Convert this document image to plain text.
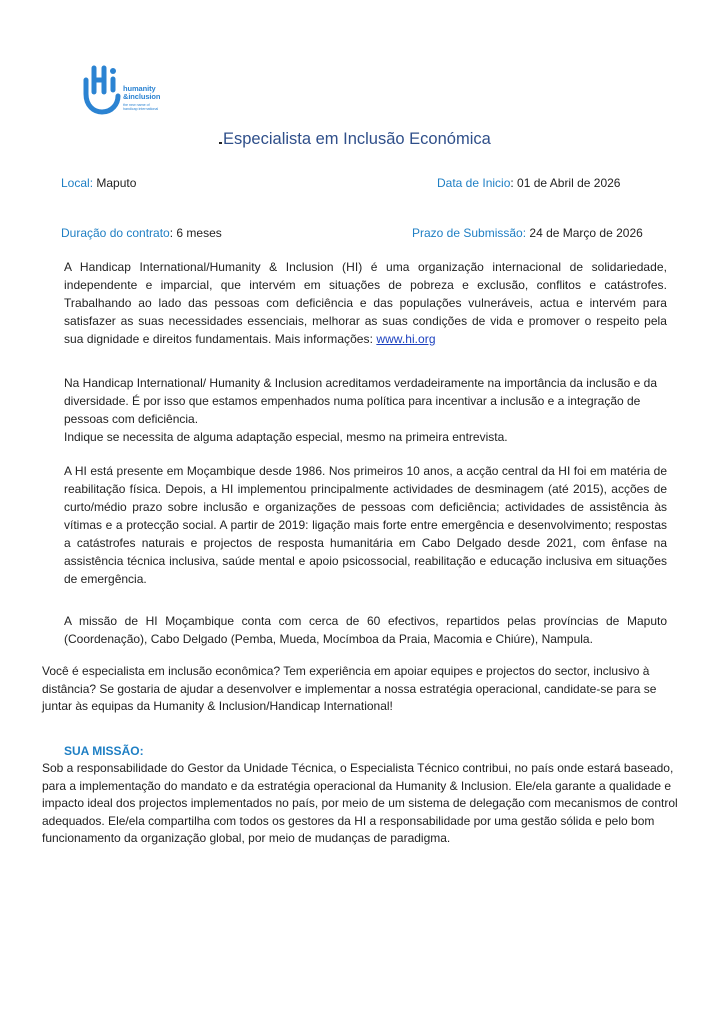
humanity
&inclusion
the new name of
handicap international
Especialista em Inclusão Económica
Local: Maputo	Data de Inicio: 01 de Abril de 2026
Duração do contrato: 6 meses	Prazo de Submissão: 24 de Março de 2026
A Handicap International/Humanity & Inclusion (HI) é uma organização internacional de solidariedade, independente e imparcial, que intervém em situações de pobreza e exclusão, conflitos e catástrofes. Trabalhando ao lado das pessoas com deficiência e das populações vulneráveis, actua e intervém para satisfazer as suas necessidades essenciais, melhorar as suas condições de vida e promover o respeito pela sua dignidade e direitos fundamentais. Mais informações: www.hi.org
Na Handicap International/ Humanity & Inclusion acreditamos verdadeiramente na importância da inclusão e da diversidade. É por isso que estamos empenhados numa política para incentivar a inclusão e a integração de pessoas com deficiência.
Indique se necessita de alguma adaptação especial, mesmo na primeira entrevista.
A HI está presente em Moçambique desde 1986. Nos primeiros 10 anos, a acção central da HI foi em matéria de reabilitação física. Depois, a HI implementou principalmente actividades de desminagem (até 2015), acções de curto/médio prazo sobre inclusão e organizações de pessoas com deficiência; actividades de assistência às vítimas e a protecção social. A partir de 2019: ligação mais forte entre emergência e desenvolvimento; respostas a catástrofes naturais e projectos de resposta humanitária em Cabo Delgado desde 2021, com ênfase na assistência técnica inclusiva, saúde mental e apoio psicossocial, reabilitação e educação inclusiva em situações de emergência.
A missão de HI Moçambique conta com cerca de 60 efectivos, repartidos pelas províncias de Maputo (Coordenação), Cabo Delgado (Pemba, Mueda, Mocímboa da Praia, Macomia e Chiúre), Nampula.
Você é especialista em inclusão econômica? Tem experiência em apoiar equipes e projectos do sector, inclusivo à distância? Se gostaria de ajudar a desenvolver e implementar a nossa estratégia operacional, candidate-se para se juntar às equipas da Humanity & Inclusion/Handicap International!
SUA MISSÃO:
Sob a responsabilidade do Gestor da Unidade Técnica, o Especialista Técnico contribui, no país onde estará baseado, para a implementação do mandato e da estratégia operacional da Humanity & Inclusion. Ele/ela garante a qualidade e impacto ideal dos projectos implementados no país, por meio de um sistema de delegação com mecanismos de control adequados. Ele/ela compartilha com todos os gestores da HI a responsabilidade por uma gestão sólida e pelo bom funcionamento da organização global, por meio de mudanças de paradigma.
